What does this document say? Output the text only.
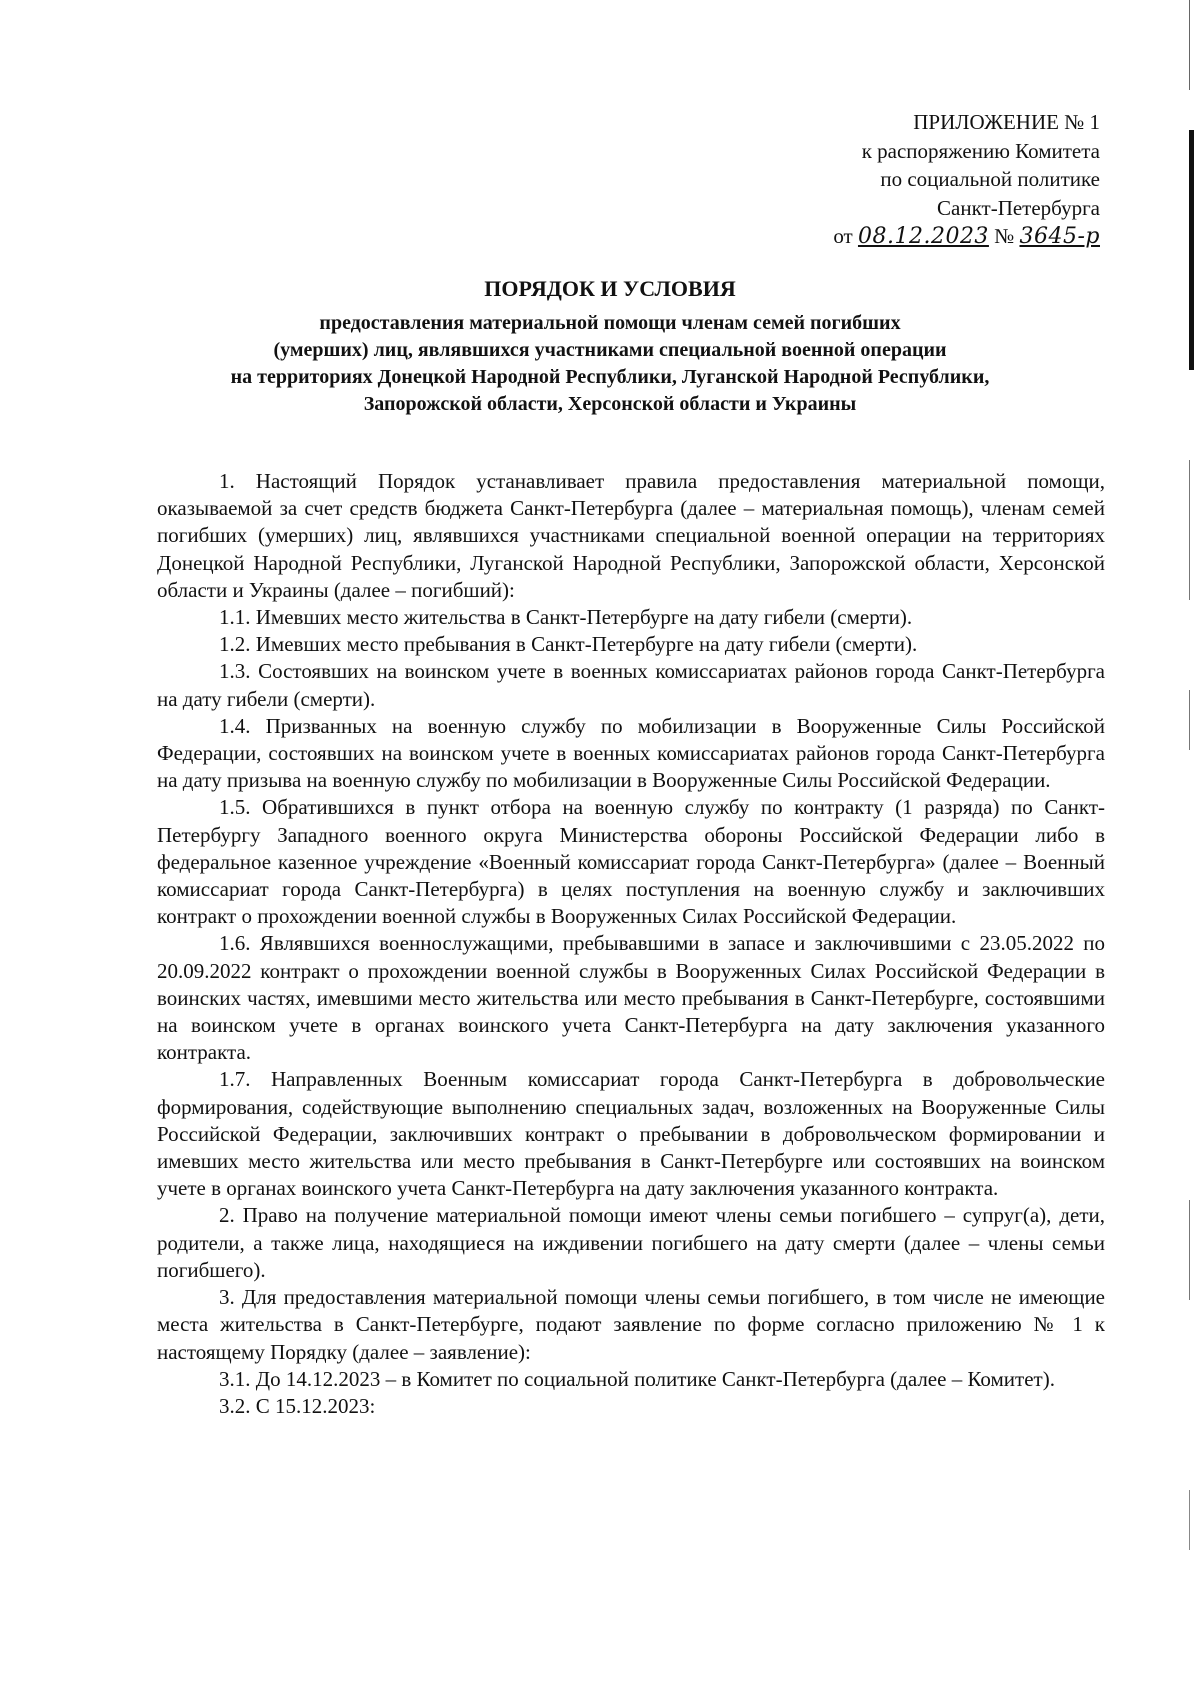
ПРИЛОЖЕНИЕ № 1
к распоряжению Комитета
по социальной политике
Санкт-Петербурга
от 08.12.2023 № 3645-р
ПОРЯДОК И УСЛОВИЯ
предоставления материальной помощи членам семей погибших
(умерших) лиц, являвшихся участниками специальной военной операции
на территориях Донецкой Народной Республики, Луганской Народной Республики,
Запорожской области, Херсонской области и Украины

1. Настоящий Порядок устанавливает правила предоставления материальной помощи, оказываемой за счет средств бюджета Санкт-Петербурга (далее – материальная помощь), членам семей погибших (умерших) лиц, являвшихся участниками специальной военной операции на территориях Донецкой Народной Республики, Луганской Народной Республики, Запорожской области, Херсонской области и Украины (далее – погибший):

1.1. Имевших место жительства в Санкт-Петербурге на дату гибели (смерти).

1.2. Имевших место пребывания в Санкт-Петербурге на дату гибели (смерти).

1.3. Состоявших на воинском учете в военных комиссариатах районов города Санкт-Петербурга на дату гибели (смерти).

1.4. Призванных на военную службу по мобилизации в Вооруженные Силы Российской Федерации, состоявших на воинском учете в военных комиссариатах районов города Санкт-Петербурга на дату призыва на военную службу по мобилизации в Вооруженные Силы Российской Федерации.

1.5. Обратившихся в пункт отбора на военную службу по контракту (1 разряда) по Санкт-Петербургу Западного военного округа Министерства обороны Российской Федерации либо в федеральное казенное учреждение «Военный комиссариат города Санкт-Петербурга» (далее – Военный комиссариат города Санкт-Петербурга) в целях поступления на военную службу и заключивших контракт о прохождении военной службы в Вооруженных Силах Российской Федерации.

1.6. Являвшихся военнослужащими, пребывавшими в запасе и заключившими с 23.05.2022 по 20.09.2022 контракт о прохождении военной службы в Вооруженных Силах Российской Федерации в воинских частях, имевшими место жительства или место пребывания в Санкт-Петербурге, состоявшими на воинском учете в органах воинского учета Санкт-Петербурга на дату заключения указанного контракта.

1.7. Направленных Военным комиссариат города Санкт-Петербурга в добровольческие формирования, содействующие выполнению специальных задач, возложенных на Вооруженные Силы Российской Федерации, заключивших контракт о пребывании в добровольческом формировании и имевших место жительства или место пребывания в Санкт-Петербурге или состоявших на воинском учете в органах воинского учета Санкт-Петербурга на дату заключения указанного контракта.

2. Право на получение материальной помощи имеют члены семьи погибшего – супруг(а), дети, родители, а также лица, находящиеся на иждивении погибшего на дату смерти (далее – члены семьи погибшего).

3. Для предоставления материальной помощи члены семьи погибшего, в том числе не имеющие места жительства в Санкт-Петербурге, подают заявление по форме согласно приложению № 1 к настоящему Порядку (далее – заявление):

3.1. До 14.12.2023 – в Комитет по социальной политике Санкт-Петербурга (далее – Комитет).

3.2. С 15.12.2023:
